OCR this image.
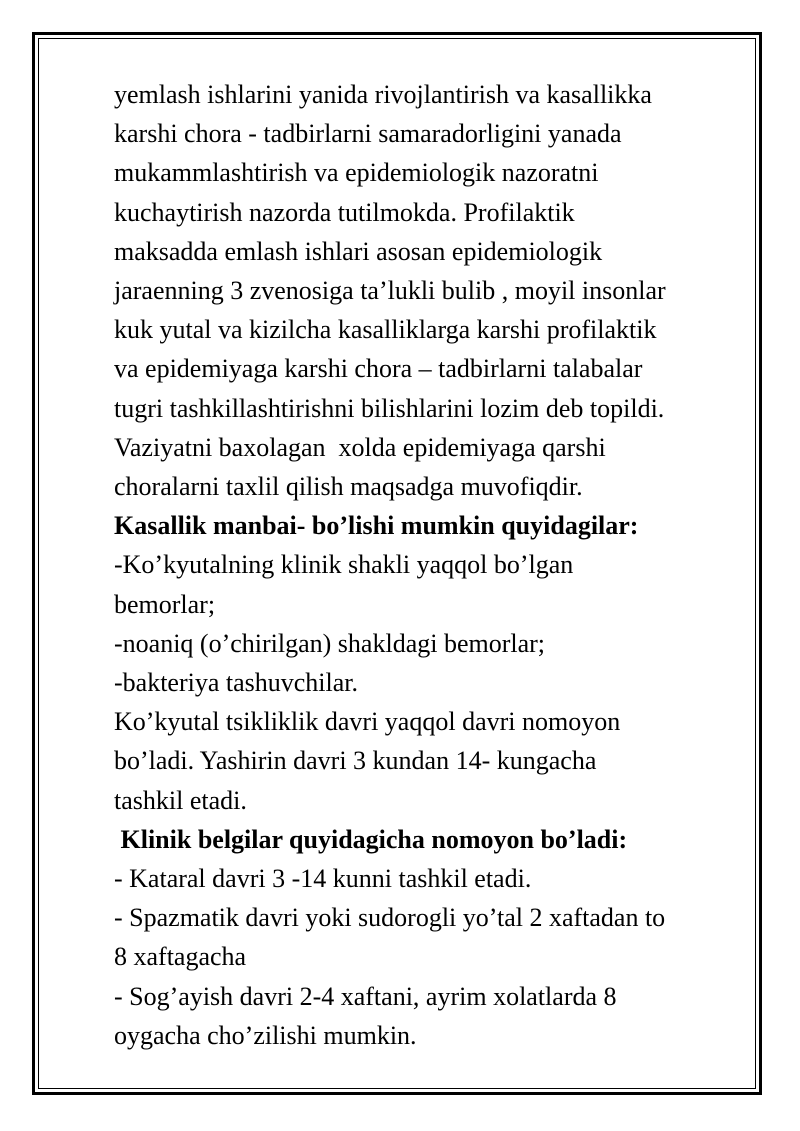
yemlash ishlarini yanida rivojlantirish va kasallikka
karshi chora - tadbirlarni samaradorligini yanada
mukammlashtirish va epidemiologik nazoratni
kuchaytirish nazorda tutilmokda. Profilaktik
maksadda emlash ishlari asosan epidemiologik
jaraenning 3 zvenosiga ta’lukli bulib , moyil insonlar
kuk yutal va kizilcha kasalliklarga karshi profilaktik
va epidemiyaga karshi chora – tadbirlarni talabalar
tugri tashkillashtirishni bilishlarini lozim deb topildi.
Vaziyatni baxolagan  xolda epidemiyaga qarshi
choralarni taxlil qilish maqsadga muvofiqdir.
Kasallik manbai- bo’lishi mumkin quyidagilar:
-Ko’kyutalning klinik shakli yaqqol bo’lgan
bemorlar;
-noaniq (o’chirilgan) shakldagi bemorlar;
-bakteriya tashuvchilar.
Ko’kyutal tsikliklik davri yaqqol davri nomoyon
bo’ladi. Yashirin davri 3 kundan 14- kungacha
tashkil etadi.
Klinik belgilar quyidagicha nomoyon bo’ladi:
- Kataral davri 3 -14 kunni tashkil etadi.
- Spazmatik davri yoki sudorogli yo’tal 2 xaftadan to
8 xaftagacha
- Sog’ayish davri 2-4 xaftani, ayrim xolatlarda 8
oygacha cho’zilishi mumkin.
